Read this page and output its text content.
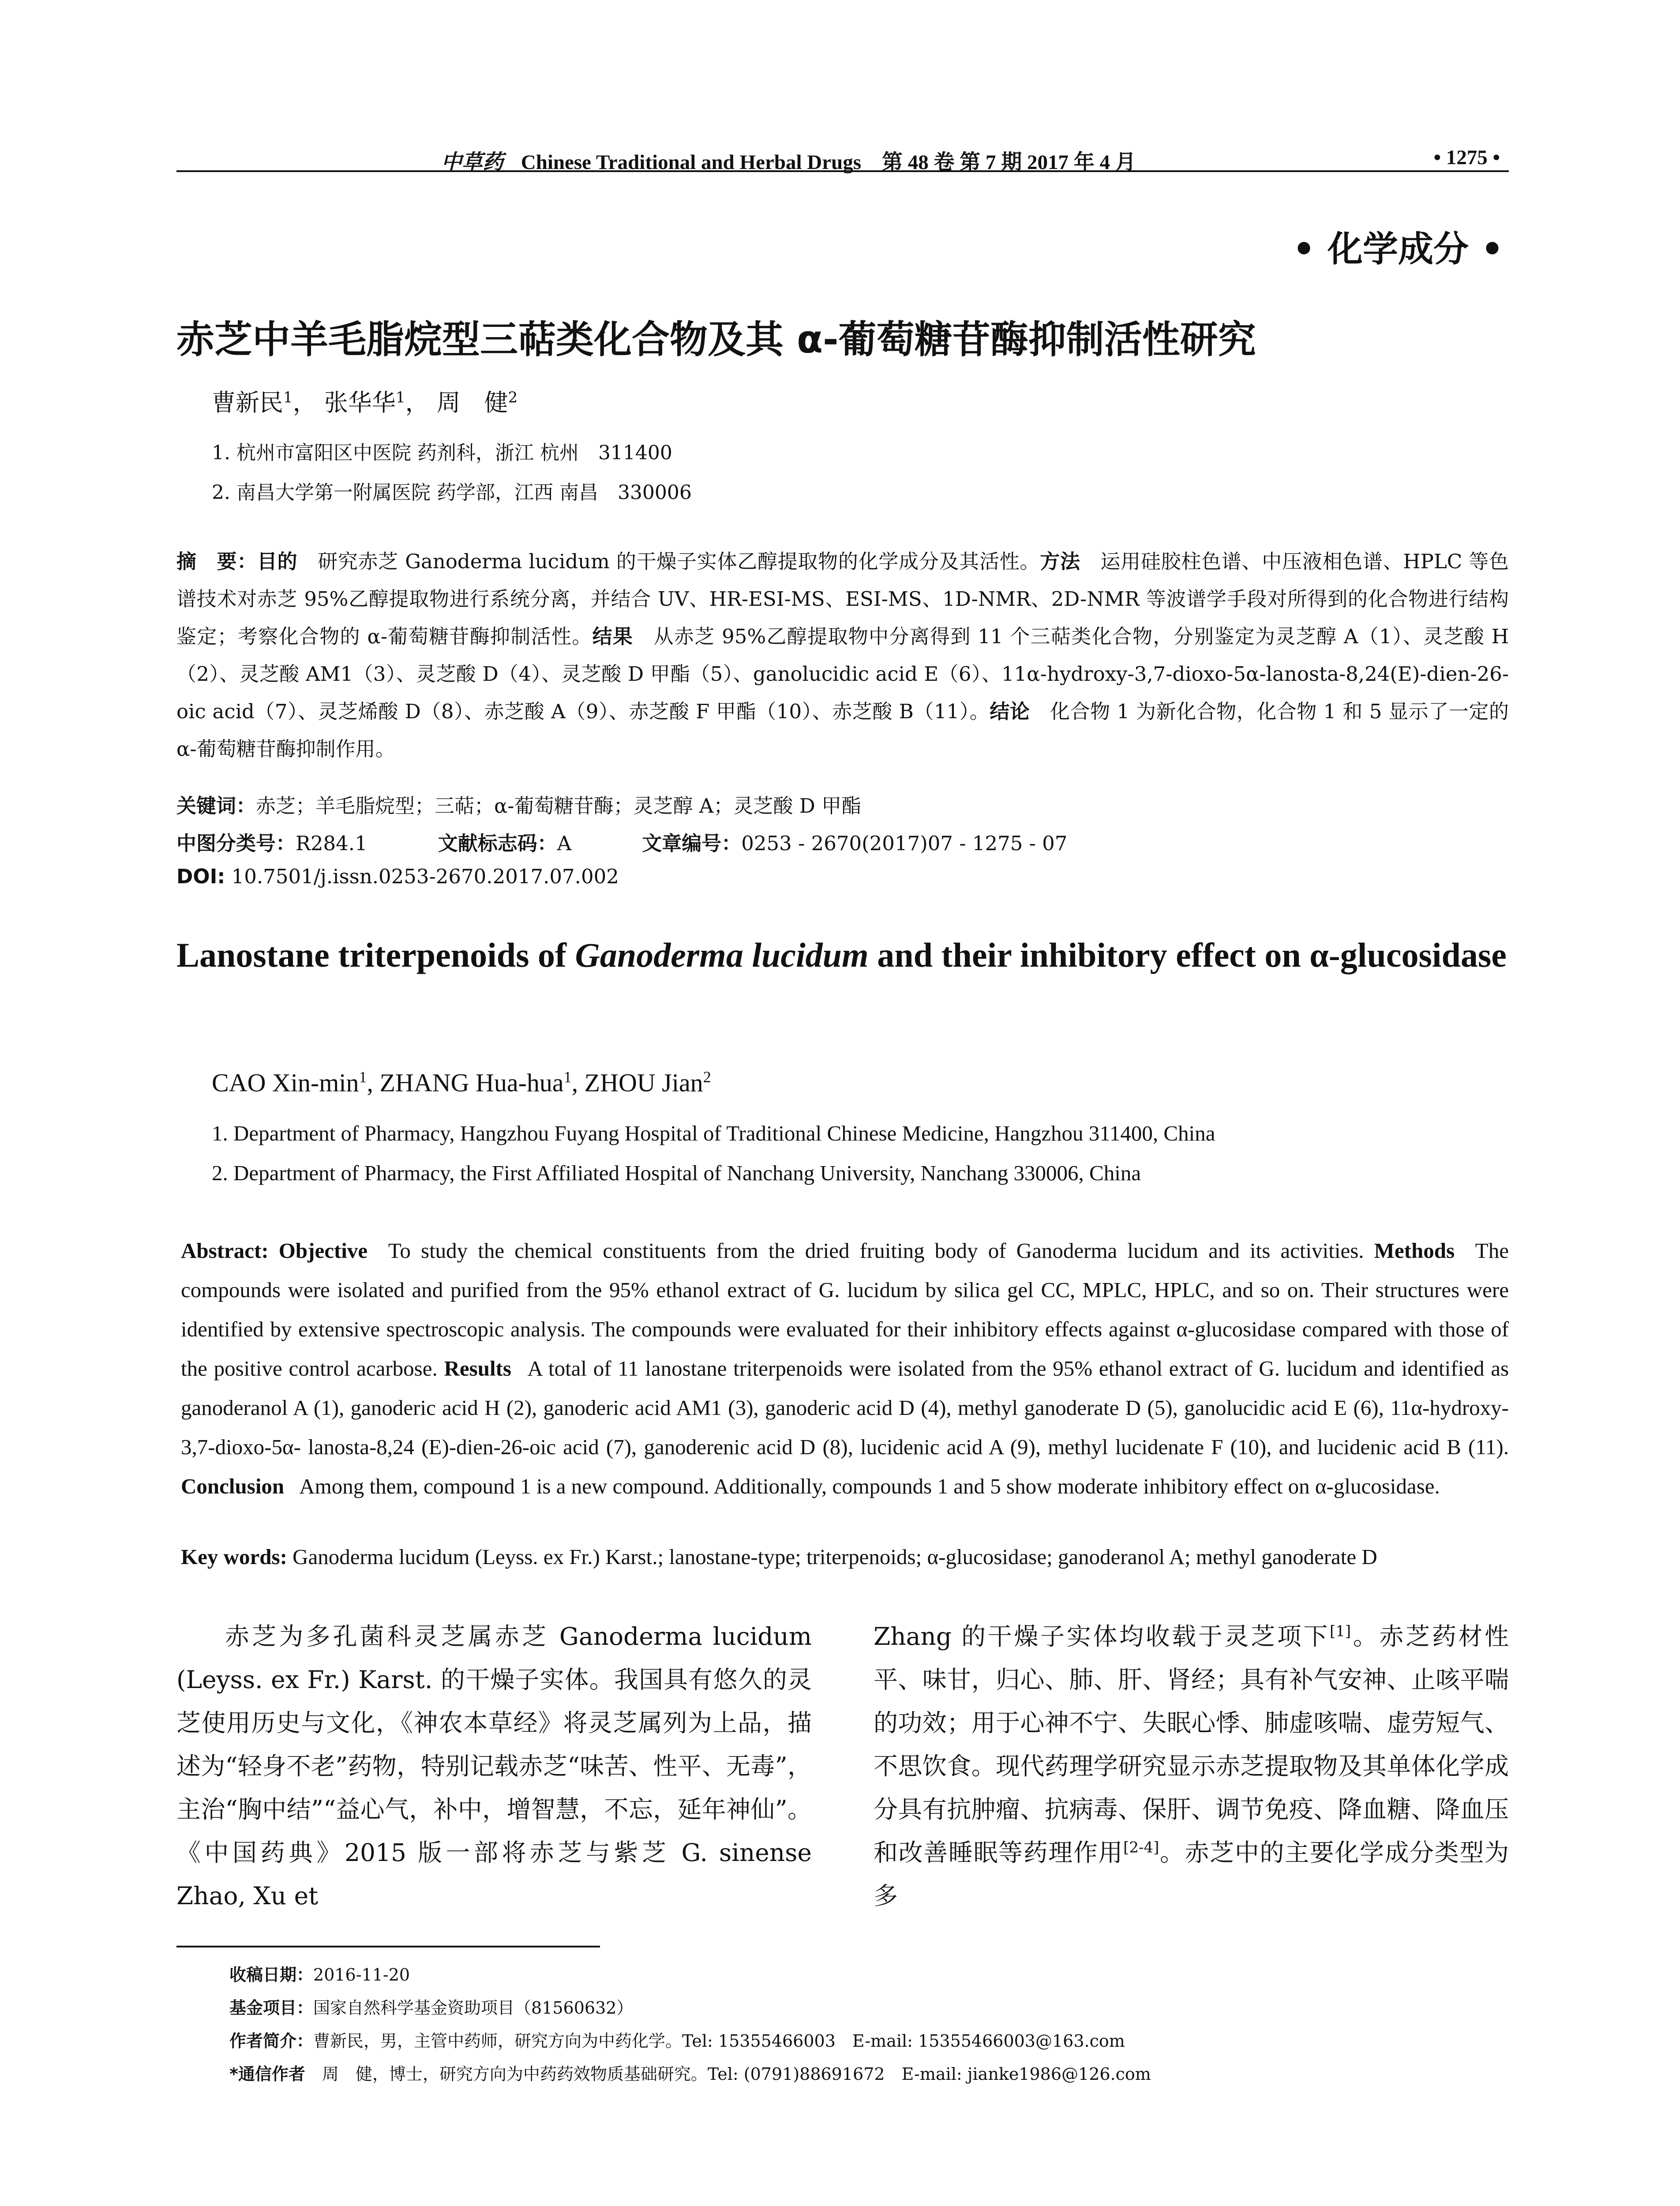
中草药 Chinese Traditional and Herbal Drugs 第 48 卷 第 7 期 2017 年 4 月	• 1275 •
• 化学成分 •
赤芝中羊毛脂烷型三萜类化合物及其 α-葡萄糖苷酶抑制活性研究
曹新民$^1$， 张华华$^1$， 周　健$^2$
1. 杭州市富阳区中医院 药剂科，浙江 杭州　311400
2. 南昌大学第一附属医院 药学部，江西 南昌　330006
摘　要：目的  研究赤芝 Ganoderma lucidum 的干燥子实体乙醇提取物的化学成分及其活性。方法  运用硅胶柱色谱、中压液相色谱、HPLC 等色谱技术对赤芝 95%乙醇提取物进行系统分离，并结合 UV、HR-ESI-MS、ESI-MS、1D-NMR、2D-NMR 等波谱学手段对所得到的化合物进行结构鉴定；考察化合物的 α-葡萄糖苷酶抑制活性。结果  从赤芝 95%乙醇提取物中分离得到 11 个三萜类化合物，分别鉴定为灵芝醇 A（1）、灵芝酸 H（2）、灵芝酸 AM1（3）、灵芝酸 D（4）、灵芝酸 D 甲酯（5）、ganolucidic acid E（6）、11α-hydroxy-3,7-dioxo-5α-lanosta-8,24(E)-dien-26-oic acid（7）、灵芝烯酸 D（8）、赤芝酸 A（9）、赤芝酸 F 甲酯（10）、赤芝酸 B（11）。结论  化合物 1 为新化合物，化合物 1 和 5 显示了一定的 α-葡萄糖苷酶抑制作用。
关键词：赤芝；羊毛脂烷型；三萜；α-葡萄糖苷酶；灵芝醇 A；灵芝酸 D 甲酯
中图分类号：R284.1	文献标志码：A	文章编号：0253 - 2670(2017)07 - 1275 - 07
DOI: 10.7501/j.issn.0253-2670.2017.07.002
Lanostane triterpenoids of Ganoderma lucidum and their inhibitory effect on α-glucosidase
CAO Xin-$\min^1$, ZHANG Hua-hua$^1$, ZHOU Jian$^2$
1. Department of Pharmacy, Hangzhou Fuyang Hospital of Traditional Chinese Medicine, Hangzhou 311400, China
2. Department of Pharmacy, the First Affiliated Hospital of Nanchang University, Nanchang 330006, China
Abstract: Objective  To study the chemical constituents from the dried fruiting body of Ganoderma lucidum and its activities. Methods  The compounds were isolated and purified from the 95% ethanol extract of G. lucidum by silica gel CC, MPLC, HPLC, and so on. Their structures were identified by extensive spectroscopic analysis. The compounds were evaluated for their inhibitory effects against α-glucosidase compared with those of the positive control acarbose. Results  A total of 11 lanostane triterpenoids were isolated from the 95% ethanol extract of G. lucidum and identified as ganoderanol A (1), ganoderic acid H (2), ganoderic acid AM1 (3), ganoderic acid D (4), methyl ganoderate D (5), ganolucidic acid E (6), 11α-hydroxy-3,7-dioxo-5α- lanosta-8,24 (E)-dien-26-oic acid (7), ganoderenic acid D (8), lucidenic acid A (9), methyl lucidenate F (10), and lucidenic acid B (11). Conclusion  Among them, compound 1 is a new compound. Additionally, compounds 1 and 5 show moderate inhibitory effect on α-glucosidase.
Key words: Ganoderma lucidum (Leyss. ex Fr.) Karst.; lanostane-type; triterpenoids; α-glucosidase; ganoderanol A; methyl ganoderate D
赤芝为多孔菌科灵芝属赤芝 Ganoderma lucidum (Leyss. ex Fr.) Karst. 的干燥子实体。我国具有悠久的灵芝使用历史与文化，《神农本草经》将灵芝属列为上品，描述为“轻身不老”药物，特别记载赤芝“味苦、性平、无毒”，主治“胸中结”“益心气，补中，增智慧，不忘，延年神仙”。《中国药典》2015 版一部将赤芝与紫芝 G. sinense Zhao, Xu et
Zhang 的干燥子实体均收载于灵芝项下[1]。赤芝药材性平、味甘，归心、肺、肝、肾经；具有补气安神、止咳平喘的功效；用于心神不宁、失眠心悸、肺虚咳喘、虚劳短气、不思饮食。现代药理学研究显示赤芝提取物及其单体化学成分具有抗肿瘤、抗病毒、保肝、调节免疫、降血糖、降血压和改善睡眠等药理作用[2-4]。赤芝中的主要化学成分类型为多
收稿日期：2016-11-20
基金项目：国家自然科学基金资助项目（81560632）
作者简介：曹新民，男，主管中药师，研究方向为中药化学。Tel: 15355466003　E-mail: 15355466003@163.com
*通信作者　周　健，博士，研究方向为中药药效物质基础研究。Tel: (0791)88691672　E-mail: jianke1986@126.com
